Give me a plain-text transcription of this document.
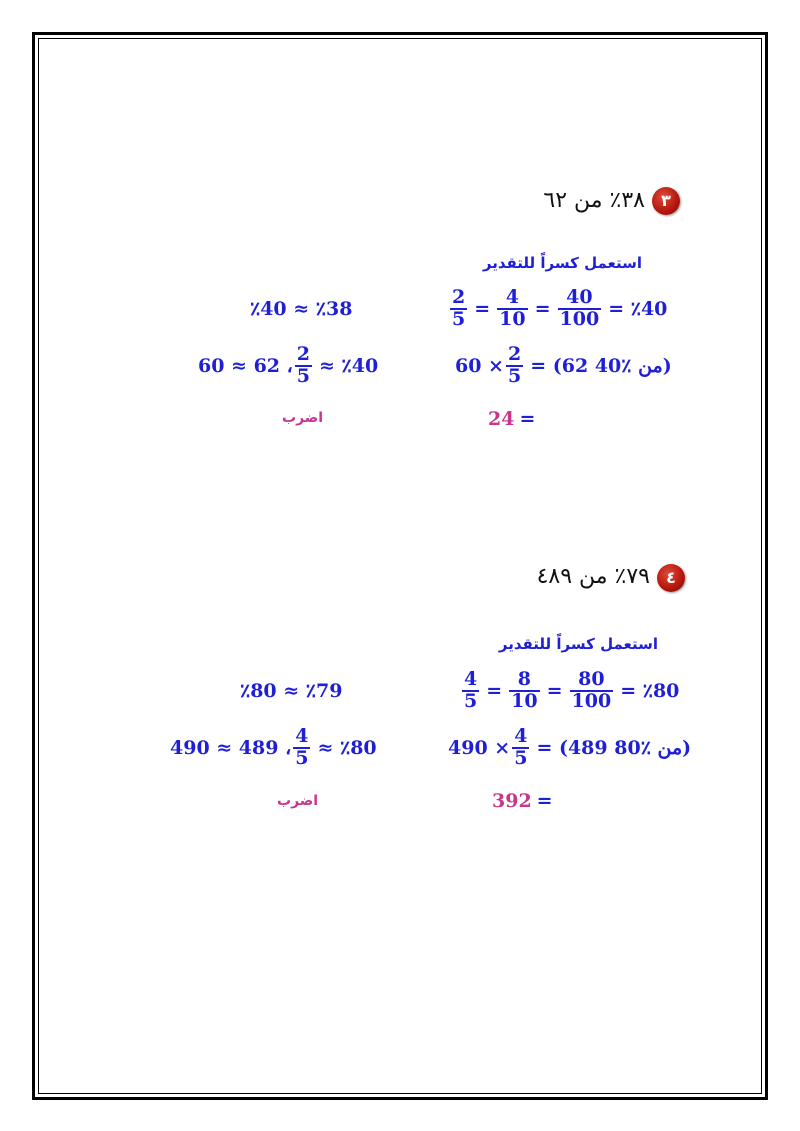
٣
٣٨٪ من ٦٢
استعمل كسراً للتقدير
$\frac{2}{5} = \frac{4}{10} = \frac{40}{100}$ = ٪40
٪40 ≈ ٪38
$60 \times \frac{2}{5} = (62$ من ٪40)
60 ≈ 62 ، $\frac{2}{5}$ ≈ ٪40
24 =
اضرب
٤
٧٩٪ من ٤٨٩
استعمل كسراً للتقدير
$\frac{4}{5} = \frac{8}{10} = \frac{80}{100}$ = ٪80
٪80 ≈ ٪79
$490 \times \frac{4}{5} = (489$ من ٪80)
490 ≈ 489 ، $\frac{4}{5}$ ≈ ٪80
392 =
اضرب
